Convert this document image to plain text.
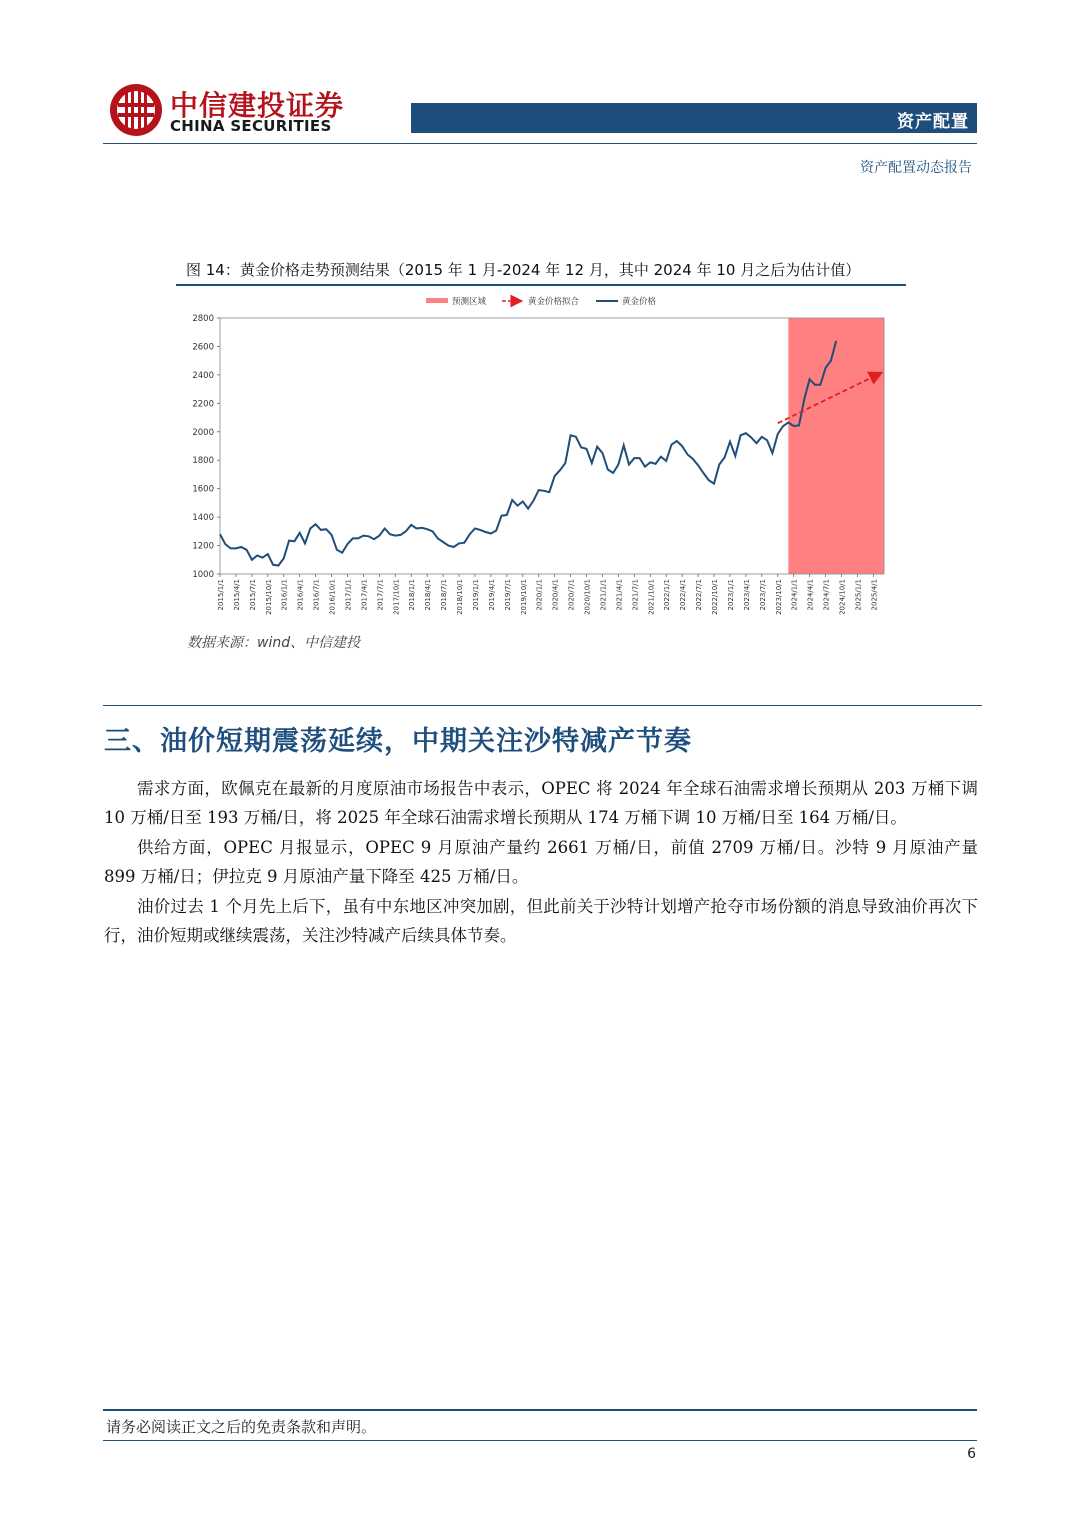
中信建投证券
CHINA SECURITIES	资产配置
资产配置动态报告
图 14：黄金价格走势预测结果（2015 年 1 月-2024 年 12 月，其中 2024 年 10 月之后为估计值）
预测区域	黄金价格拟合	黄金价格
1000
1200
1400
1600
1800
2000
2200
2400
2600
2800
2015/1/1 2015/4/1 2015/7/1 2015/10/1 2016/1/1 2016/4/1 2016/7/1 2016/10/1 2017/1/1 2017/4/1 2017/7/1 2017/10/1 2018/1/1 2018/4/1 2018/7/1 2018/10/1 2019/1/1 2019/4/1 2019/7/1 2019/10/1 2020/1/1 2020/4/1 2020/7/1 2020/10/1 2021/1/1 2021/4/1 2021/7/1 2021/10/1 2022/1/1 2022/4/1 2022/7/1 2022/10/1 2023/1/1 2023/4/1 2023/7/1 2023/10/1 2024/1/1 2024/4/1 2024/7/1 2024/10/1 2025/1/1 2025/4/1
数据来源：wind、中信建投
三、油价短期震荡延续，中期关注沙特减产节奏
需求方面，欧佩克在最新的月度原油市场报告中表示，OPEC 将 2024 年全球石油需求增长预期从 203 万桶下调 10 万桶/日至 193 万桶/日，将 2025 年全球石油需求增长预期从 174 万桶下调 10 万桶/日至 164 万桶/日。
供给方面，OPEC 月报显示，OPEC 9 月原油产量约 2661 万桶/日，前值 2709 万桶/日。沙特 9 月原油产量 899 万桶/日；伊拉克 9 月原油产量下降至 425 万桶/日。
油价过去 1 个月先上后下，虽有中东地区冲突加剧，但此前关于沙特计划增产抢夺市场份额的消息导致油价再次下行，油价短期或继续震荡，关注沙特减产后续具体节奏。
请务必阅读正文之后的免责条款和声明。
6
